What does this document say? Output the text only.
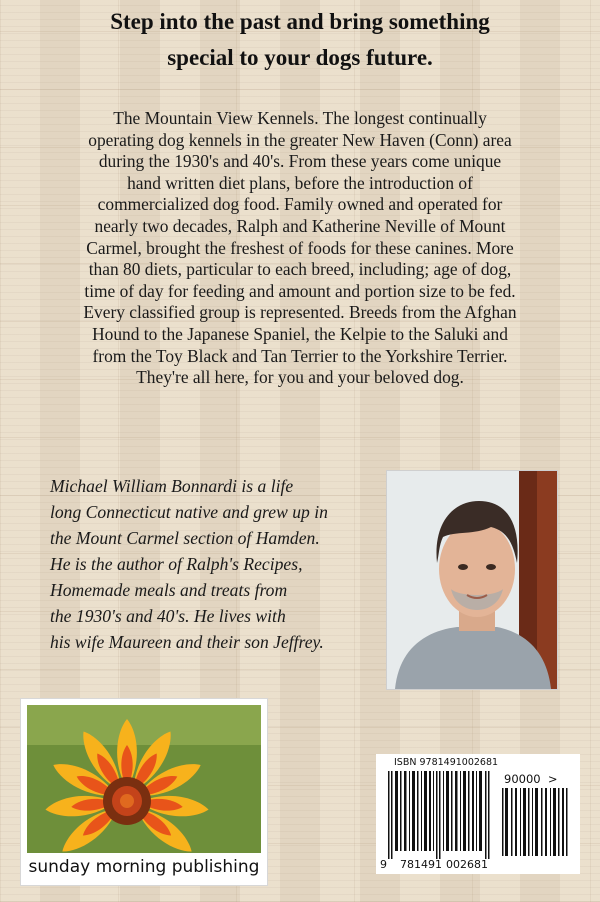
Step into the past and bring something
special to your dogs future.
The Mountain View Kennels. The longest continually
operating dog kennels in the greater New Haven (Conn) area
during the 1930's and 40's. From these years come unique
hand written diet plans, before the introduction of
commercialized dog food. Family owned and operated for
nearly two decades, Ralph and Katherine Neville of Mount
Carmel, brought the freshest of foods for these canines. More
than 80 diets, particular to each breed, including; age of dog,
time of day for feeding and amount and portion size to be fed.
Every classified group is represented. Breeds from the Afghan
Hound to the Japanese Spaniel, the Kelpie to the Saluki and
from the Toy Black and Tan Terrier to the Yorkshire Terrier.
They're all here, for you and your beloved dog.
Michael William Bonnardi is a life
long Connecticut native and grew up in
the Mount Carmel section of Hamden.
He is the author of Ralph's Recipes,
Homemade meals and treats from
the 1930's and 40's. He lives with
his wife Maureen and their son Jeffrey.
sunday morning publishing
ISBN 9781491002681
90000 >
9 781491 002681
